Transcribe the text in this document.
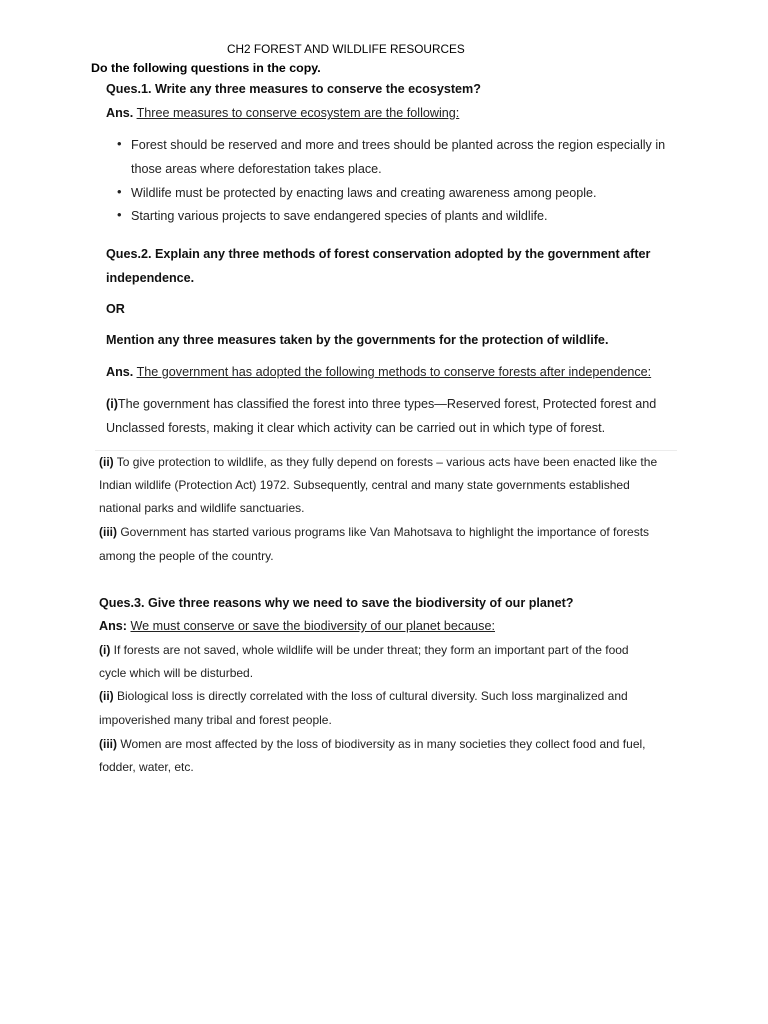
CH2 FOREST AND WILDLIFE RESOURCES
Do the following questions in the copy.
Ques.1. Write any three measures to conserve the ecosystem?
Ans. Three measures to conserve ecosystem are the following:
• Forest should be reserved and more and trees should be planted across the region especially in
those areas where deforestation takes place.
• Wildlife must be protected by enacting laws and creating awareness among people.
• Starting various projects to save endangered species of plants and wildlife.
Ques.2. Explain any three methods of forest conservation adopted by the government after
independence.
OR
Mention any three measures taken by the governments for the protection of wildlife.
Ans. The government has adopted the following methods to conserve forests after independence:
(i)The government has classified the forest into three types—Reserved forest, Protected forest and
Unclassed forests, making it clear which activity can be carried out in which type of forest.
(ii) To give protection to wildlife, as they fully depend on forests – various acts have been enacted like the
Indian wildlife (Protection Act) 1972. Subsequently, central and many state governments established
national parks and wildlife sanctuaries.
(iii) Government has started various programs like Van Mahotsava to highlight the importance of forests
among the people of the country.
Ques.3. Give three reasons why we need to save the biodiversity of our planet?
Ans: We must conserve or save the biodiversity of our planet because:
(i) If forests are not saved, whole wildlife will be under threat; they form an important part of the food
cycle which will be disturbed.
(ii) Biological loss is directly correlated with the loss of cultural diversity. Such loss marginalized and
impoverished many tribal and forest people.
(iii) Women are most affected by the loss of biodiversity as in many societies they collect food and fuel,
fodder, water, etc.
